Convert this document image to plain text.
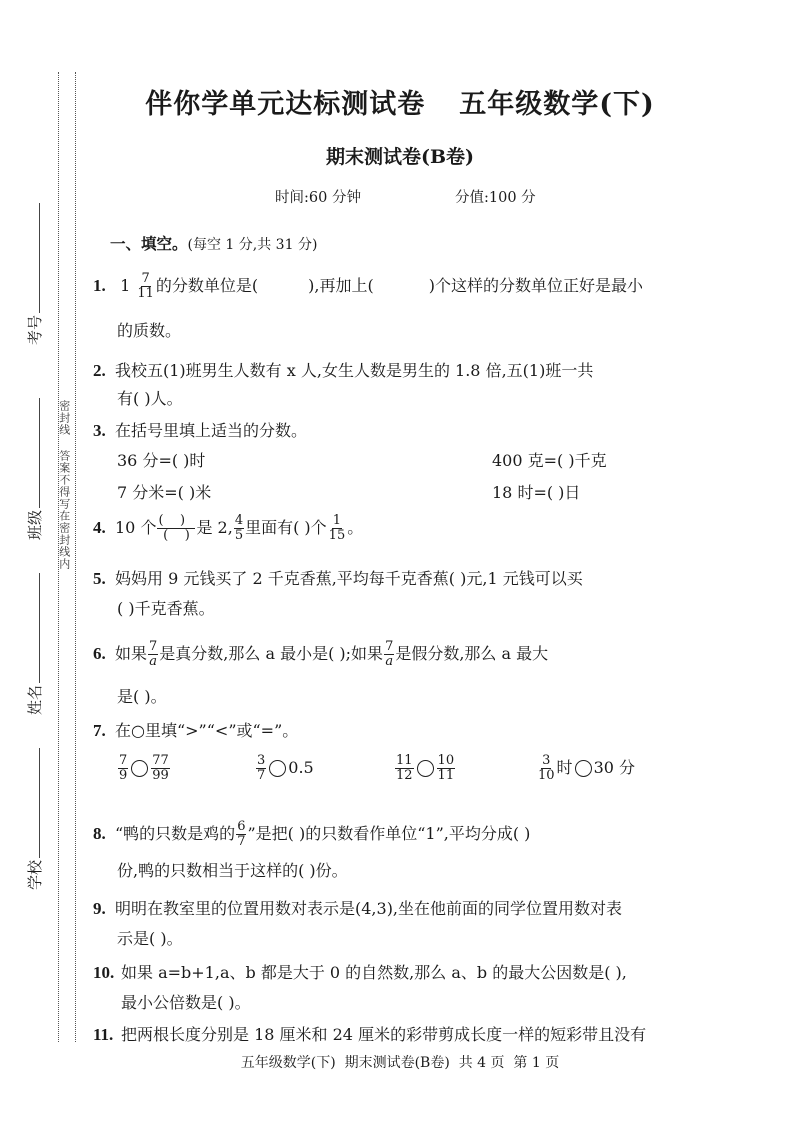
密封线
答案不得写在密封线内
考号
班级
姓名
学校
伴你学单元达标测试卷 五年级数学(下)
期末测试卷(B卷)
时间:60 分钟	分值:100 分
一、填空。(每空 1 分,共 31 分)
1. $1 \frac{7}{11}$ 的分数单位是(	),再加上(	)个这样的分数单位正好是最小
的质数。
2. 我校五(1)班男生人数有 x 人,女生人数是男生的 1.8 倍,五(1)班一共
有( )人。
3. 在括号里填上适当的分数。
36 分=( )时	400 克=( )千克
7 分米=( )米	18 时=( )日
4. 10 个 $\frac{( )}{( )}$ 是 2, $\frac{4}{5}$ 里面有( )个 $\frac{1}{15}$ 。
5. 妈妈用 9 元钱买了 2 千克香蕉,平均每千克香蕉( )元,1 元钱可以买
( )千克香蕉。
6. 如果 $\frac{7}{a}$ 是真分数,那么 a 最小是( );如果 $\frac{7}{a}$ 是假分数,那么 a 最大
是( )。
7. 在○里填“>”“<”或“=”。
$\frac{7}{9} \frac{77}{99}$	$\frac{3}{7} 0.5$	$\frac{11}{12} \frac{10}{11}$	$\frac{3}{10}$ 时 30 分
8. “鸭的只数是鸡的 $\frac{6}{7}$ ”是把( )的只数看作单位“1”,平均分成( )
份,鸭的只数相当于这样的( )份。
9. 明明在教室里的位置用数对表示是(4,3),坐在他前面的同学位置用数对表
示是( )。
10. 如果 a=b+1,a、b 都是大于 0 的自然数,那么 a、b 的最大公因数是( ),
最小公倍数是( )。
11. 把两根长度分别是 18 厘米和 24 厘米的彩带剪成长度一样的短彩带且没有
五年级数学(下)  期末测试卷(B卷)  共 4 页  第 1 页
